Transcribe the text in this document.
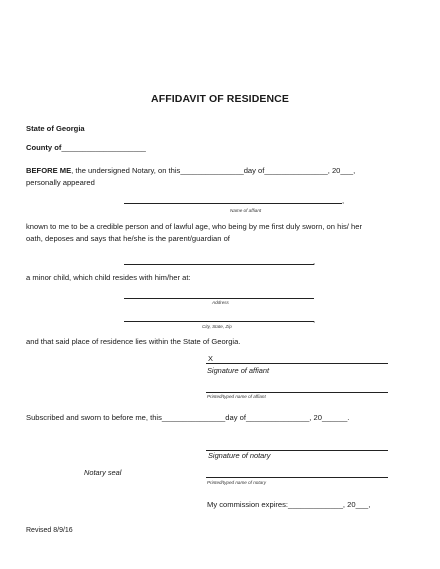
AFFIDAVIT OF RESIDENCE
State of Georgia
County of____________________
BEFORE ME, the undersigned Notary, on this_______________day of_______________, 20___,
personally appeared
,
Name of affiant
known to me to be a credible person and of lawful age, who being by me first duly sworn, on his/ her
oath, deposes and says that he/she is the parent/guardian of
,
a minor child, which child resides with him/her at:
Address
,
City, State, Zip
and that said place of residence lies within the State of Georgia.
X
Signature of affiant
Printed/typed name of affiant
Subscribed and sworn to before me, this_______________day of_______________, 20______.
Signature of notary
Notary seal
Printed/typed name of notary
My commission expires:_____________, 20___,
Revised 8/9/16
